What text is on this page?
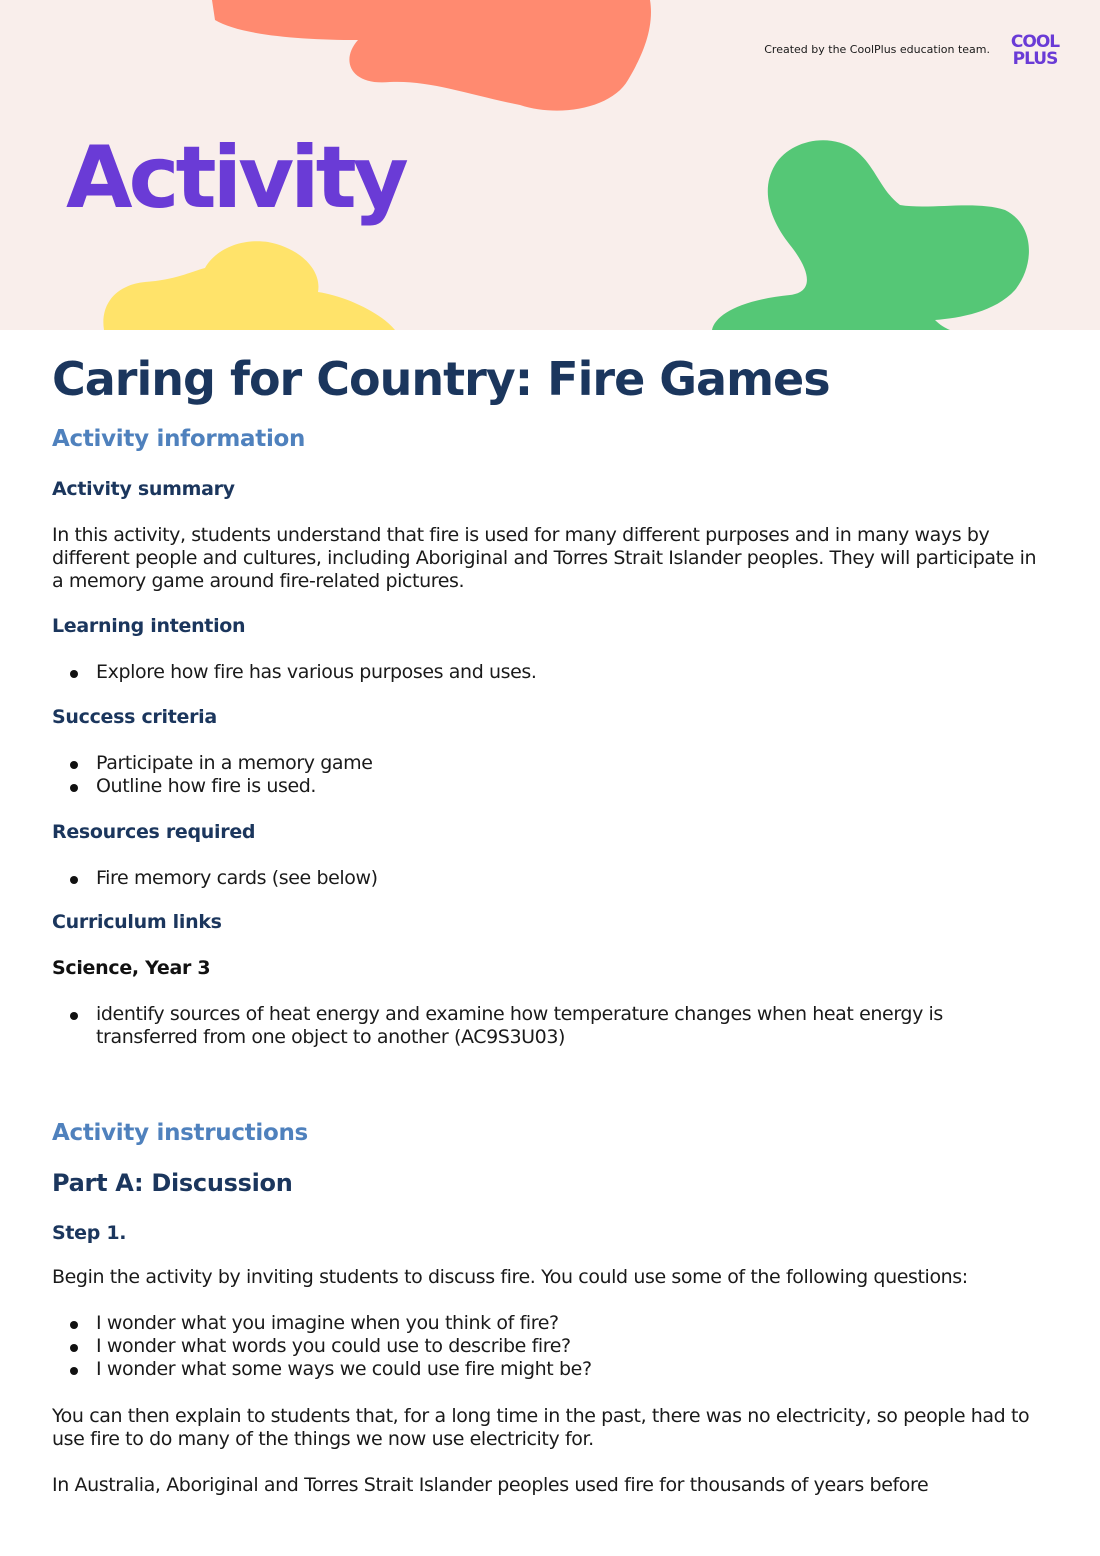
Created by the CoolPlus education team.	COOL
PLUS
Activity
Caring for Country: Fire Games
Activity information
Activity summary

In this activity, students understand that fire is used for many different purposes and in many ways by different people and cultures, including Aboriginal and Torres Strait Islander peoples. They will participate in a memory game around fire-related pictures.

Learning intention
Explore how fire has various purposes and uses.
Success criteria
Participate in a memory game
Outline how fire is used.
Resources required
Fire memory cards (see below)
Curriculum links
Science, Year 3
identify sources of heat energy and examine how temperature changes when heat energy is transferred from one object to another (AC9S3U03)
Activity instructions
Part A: Discussion
Step 1.

Begin the activity by inviting students to discuss fire. You could use some of the following questions:

I wonder what you imagine when you think of fire?
I wonder what words you could use to describe fire?
I wonder what some ways we could use fire might be?

You can then explain to students that, for a long time in the past, there was no electricity, so people had to use fire to do many of the things we now use electricity for.

In Australia, Aboriginal and Torres Strait Islander peoples used fire for thousands of years before
